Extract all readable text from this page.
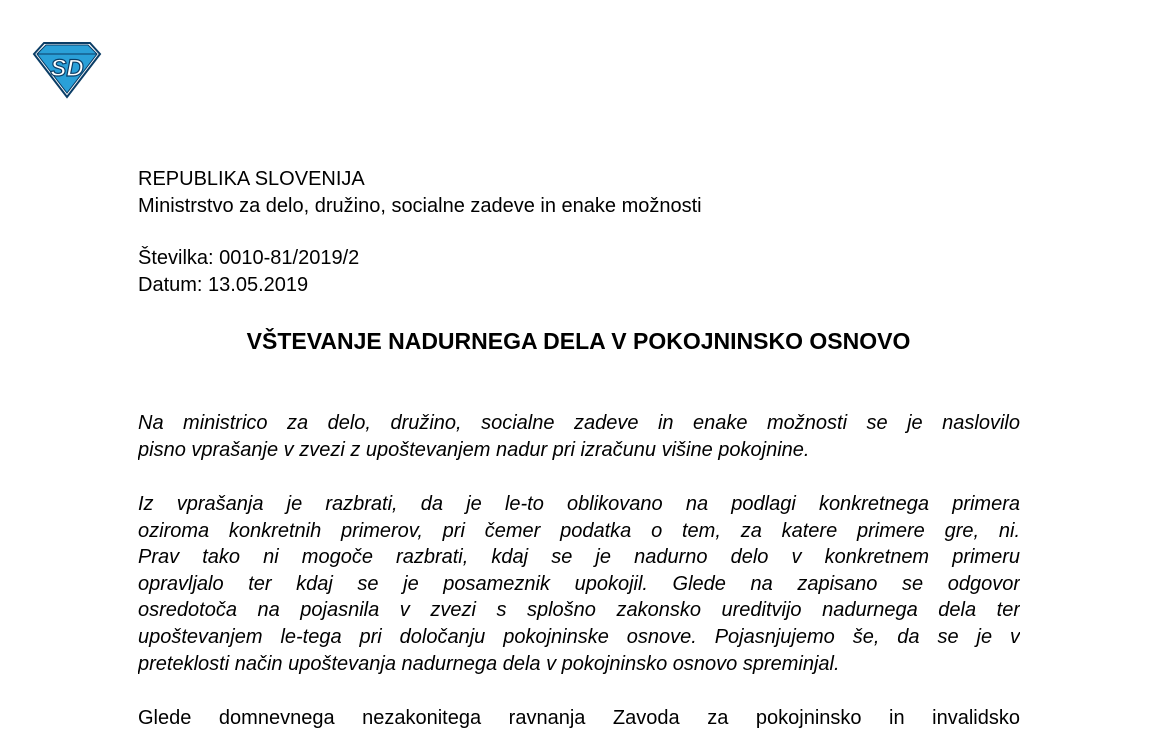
SD
REPUBLIKA SLOVENIJA
Ministrstvo za delo, družino, socialne zadeve in enake možnosti
Številka: 0010-81/2019/2
Datum: 13.05.2019
VŠTEVANJE NADURNEGA DELA V POKOJNINSKO OSNOVO
Na ministrico za delo, družino, socialne zadeve in enake možnosti se je naslovilo
pisno vprašanje v zvezi z upoštevanjem nadur pri izračunu višine pokojnine.
Iz vprašanja je razbrati, da je le-to oblikovano na podlagi konkretnega primera
oziroma konkretnih primerov, pri čemer podatka o tem, za katere primere gre, ni.
Prav tako ni mogoče razbrati, kdaj se je nadurno delo v konkretnem primeru
opravljalo ter kdaj se je posameznik upokojil. Glede na zapisano se odgovor
osredotoča na pojasnila v zvezi s splošno zakonsko ureditvijo nadurnega dela ter
upoštevanjem le-tega pri določanju pokojninske osnove. Pojasnjujemo še, da se je v
preteklosti način upoštevanja nadurnega dela v pokojninsko osnovo spreminjal.
Glede domnevnega nezakonitega ravnanja Zavoda za pokojninsko in invalidsko
